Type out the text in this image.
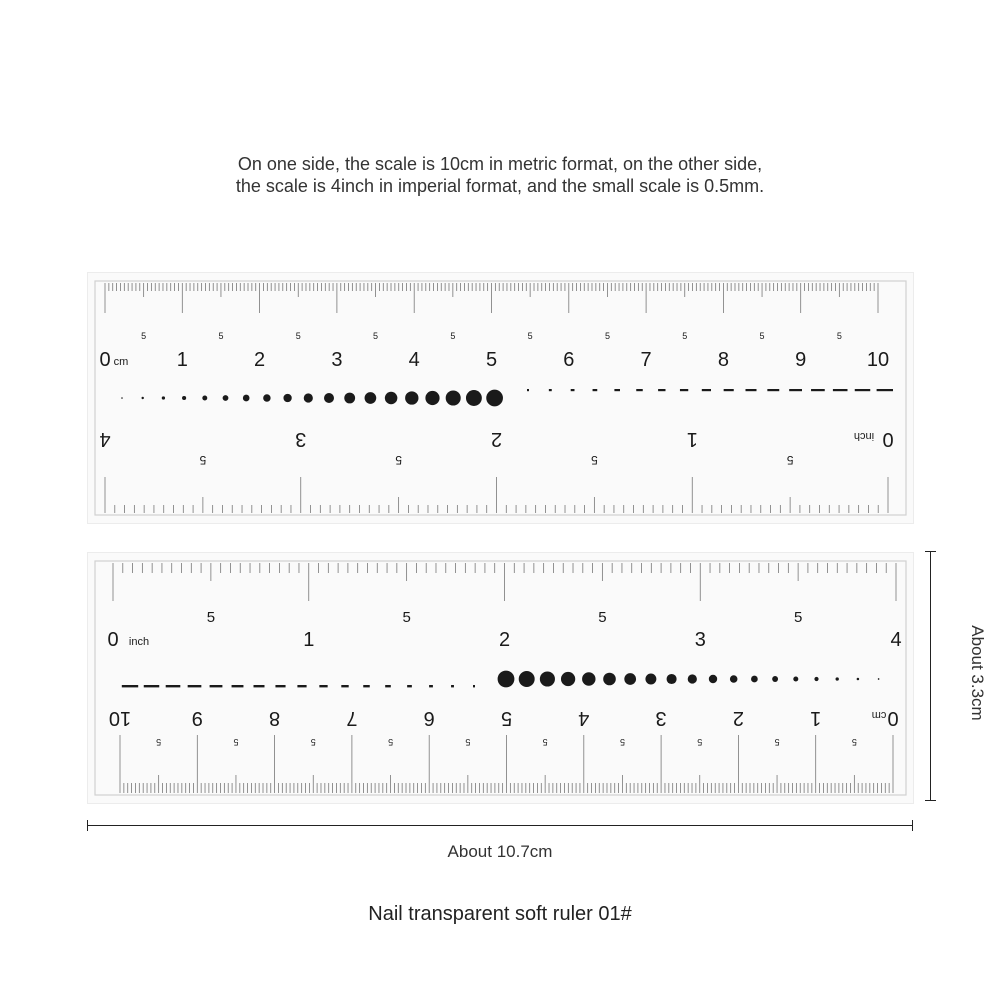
On one side, the scale is 10cm in metric format, on the other side,
the scale is 4inch in imperial format, and the small scale is 0.5mm.
5	5	5	5	5	5	5	5	5	5
0	1	2	3	4	5	6	7	8	9	10
cm
0
1
2
3
4	inch
5
5
5
5
5	5	5	5
0	1	2	3	4
inch
0
1
2
3
4
5
6
7
8
9
10	cm
5
5
5
5
5
5
5
5
5
5
About 3.3cm
About 10.7cm
Nail transparent soft ruler 01#
